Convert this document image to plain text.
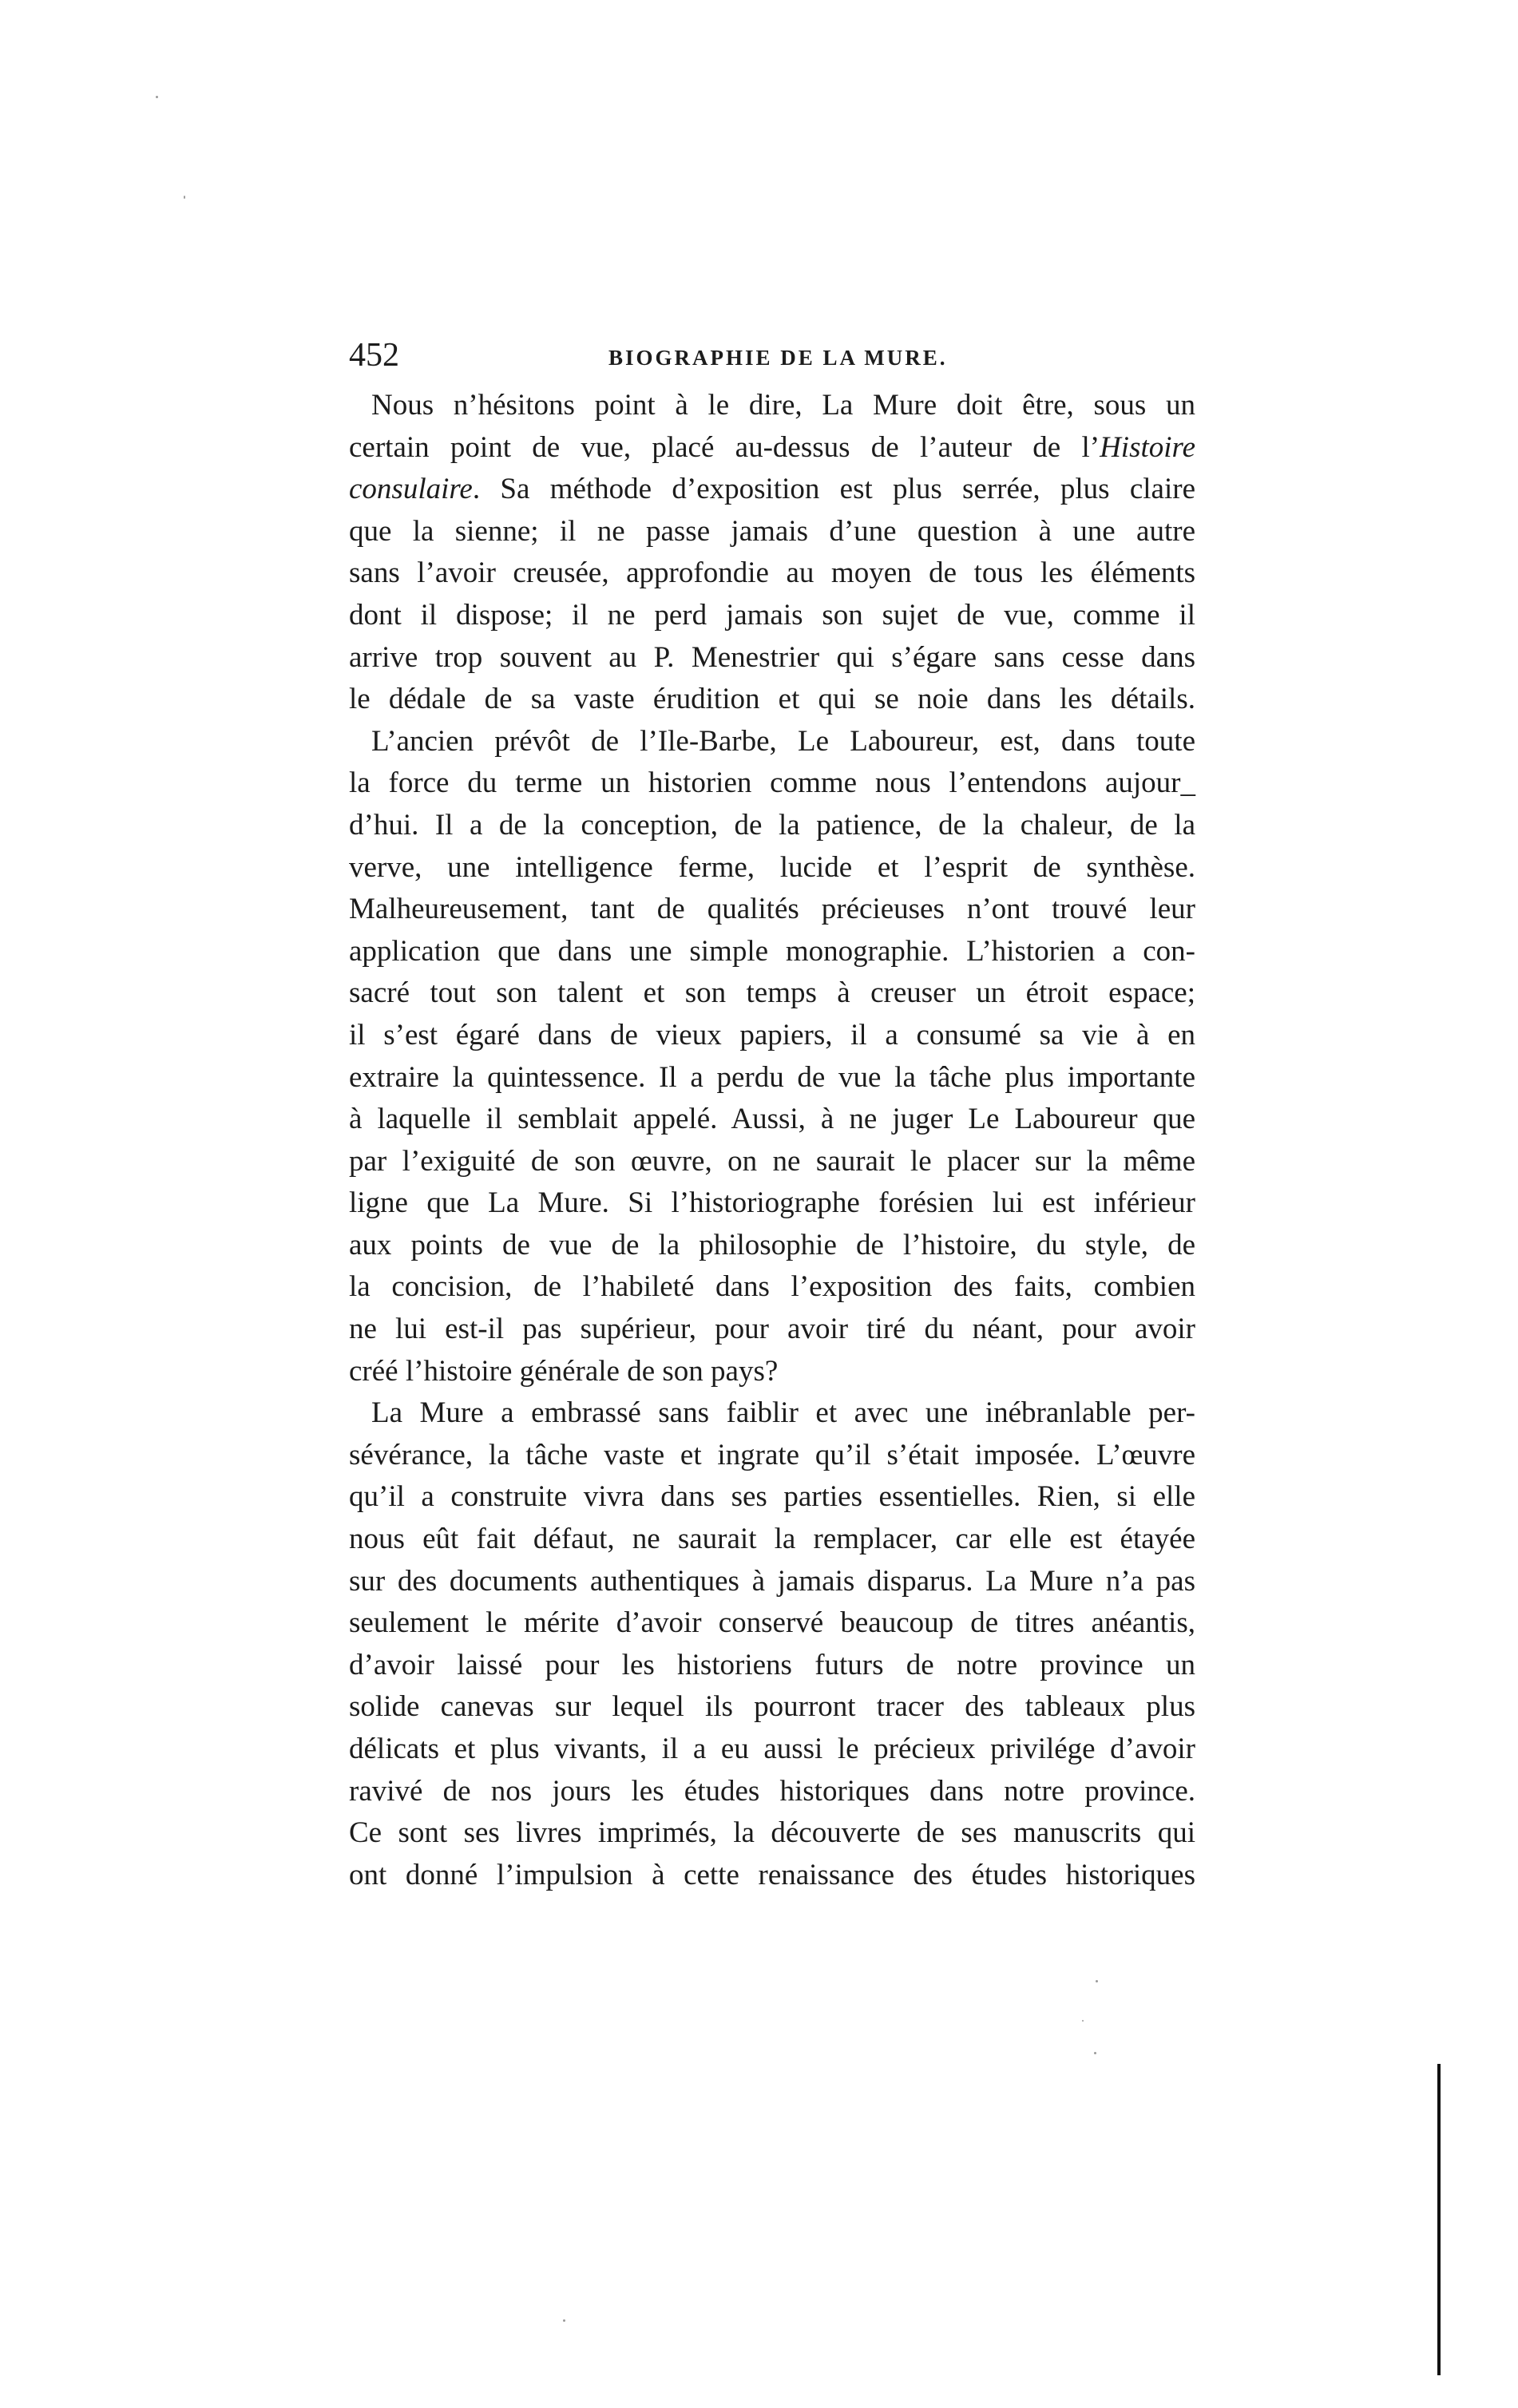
452	BIOGRAPHIE DE LA MURE.
Nous n’hésitons point à le dire, La Mure doit être, sous un
certain point de vue, placé au-dessus de l’auteur de l’Histoire
consulaire. Sa méthode d’exposition est plus serrée, plus claire
que la sienne; il ne passe jamais d’une question à une autre
sans l’avoir creusée, approfondie au moyen de tous les éléments
dont il dispose; il ne perd jamais son sujet de vue, comme il
arrive trop souvent au P. Menestrier qui s’égare sans cesse dans
le dédale de sa vaste érudition et qui se noie dans les détails.
L’ancien prévôt de l’Ile-Barbe, Le Laboureur, est, dans toute
la force du terme un historien comme nous l’entendons aujour_
d’hui. Il a de la conception, de la patience, de la chaleur, de la
verve, une intelligence ferme, lucide et l’esprit de synthèse.
Malheureusement, tant de qualités précieuses n’ont trouvé leur
application que dans une simple monographie. L’historien a con-
sacré tout son talent et son temps à creuser un étroit espace;
il s’est égaré dans de vieux papiers, il a consumé sa vie à en
extraire la quintessence. Il a perdu de vue la tâche plus importante
à laquelle il semblait appelé. Aussi, à ne juger Le Laboureur que
par l’exiguité de son œuvre, on ne saurait le placer sur la même
ligne que La Mure. Si l’historiographe forésien lui est inférieur
aux points de vue de la philosophie de l’histoire, du style, de
la concision, de l’habileté dans l’exposition des faits, combien
ne lui est-il pas supérieur, pour avoir tiré du néant, pour avoir
créé l’histoire générale de son pays?
La Mure a embrassé sans faiblir et avec une inébranlable per-
sévérance, la tâche vaste et ingrate qu’il s’était imposée. L’œuvre
qu’il a construite vivra dans ses parties essentielles. Rien, si elle
nous eût fait défaut, ne saurait la remplacer, car elle est étayée
sur des documents authentiques à jamais disparus. La Mure n’a pas
seulement le mérite d’avoir conservé beaucoup de titres anéantis,
d’avoir laissé pour les historiens futurs de notre province un
solide canevas sur lequel ils pourront tracer des tableaux plus
délicats et plus vivants, il a eu aussi le précieux privilége d’avoir
ravivé de nos jours les études historiques dans notre province.
Ce sont ses livres imprimés, la découverte de ses manuscrits qui
ont donné l’impulsion à cette renaissance des études historiques
